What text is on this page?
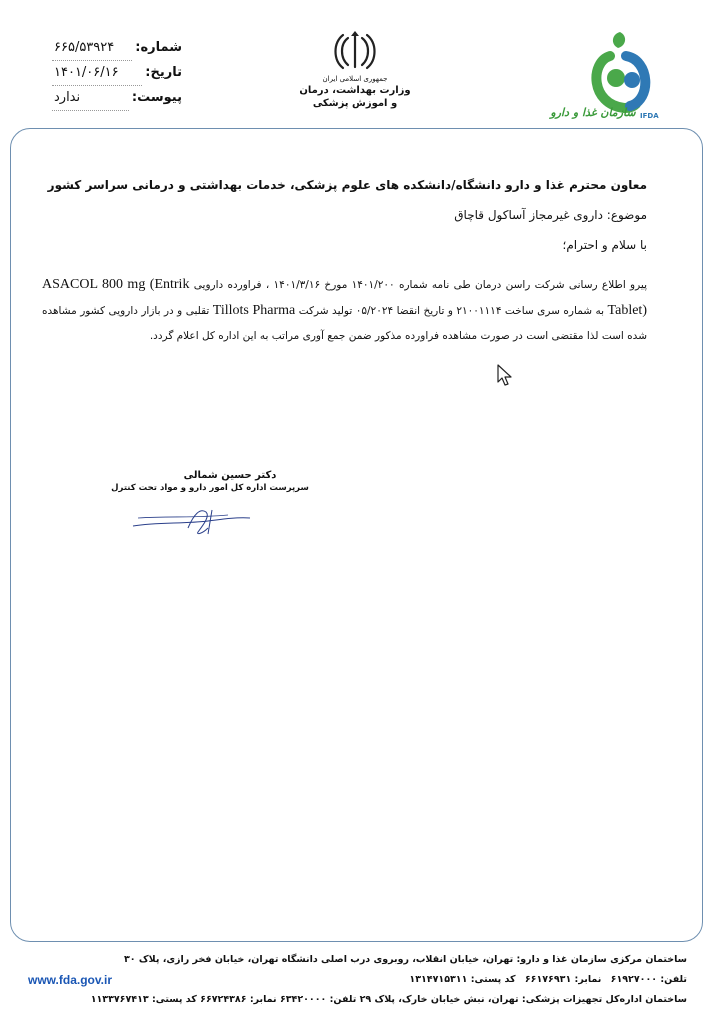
شماره:
۶۶۵/۵۳۹۲۴
تاریخ:
۱۴۰۱/۰۶/۱۶
پیوست:
ندارد
جمهوری اسلامی ایران
وزارت بهداشت، درمان
و اموزش پزشکی
سازمان غذا و دارو IFDA

معاون محترم غذا و دارو دانشگاه/دانشکده های علوم پزشکی، خدمات بهداشتی و درمانی سراسر کشور

موضوع: داروی غیرمجاز آساکول قاچاق
با سلام و احترام؛

پیرو اطلاع رسانی شرکت راسن درمان طی نامه شماره ۱۴۰۱/۲۰۰ مورخ ۱۴۰۱/۳/۱۶ ، فراورده دارویی ASACOL 800 mg (Entrik Tablet) به شماره سری ساخت ۲۱۰۰۱۱۱۴ و تاریخ انقضا ۰۵/۲۰۲۴ تولید شرکت Tillots Pharma تقلبی و در بازار دارویی کشور مشاهده شده است لذا مقتضی است در صورت مشاهده فراورده مذکور ضمن جمع آوری مراتب به این اداره کل اعلام گردد.

دکتر حسین شمالی
سرپرست اداره کل امور دارو و مواد تحت کنترل
ساختمان مرکزی سازمان غذا و دارو: تهران، خیابان انقلاب، روبروی درب اصلی دانشگاه تهران، خیابان فخر رازی، پلاک ۳۰
تلفن: ۶۱۹۲۷۰۰۰ نمابر: ۶۶۱۷۶۹۳۱ کد پستی: ۱۳۱۴۷۱۵۳۱۱
www.fda.gov.ir
ساختمان اداره‌کل تجهیزات پزشکی: تهران، نبش خیابان خارک، پلاک ۲۹ تلفن: ۶۳۴۲۰۰۰۰ نمابر: ۶۶۷۲۴۳۸۶ کد پستی: ۱۱۳۳۷۶۷۴۱۳
